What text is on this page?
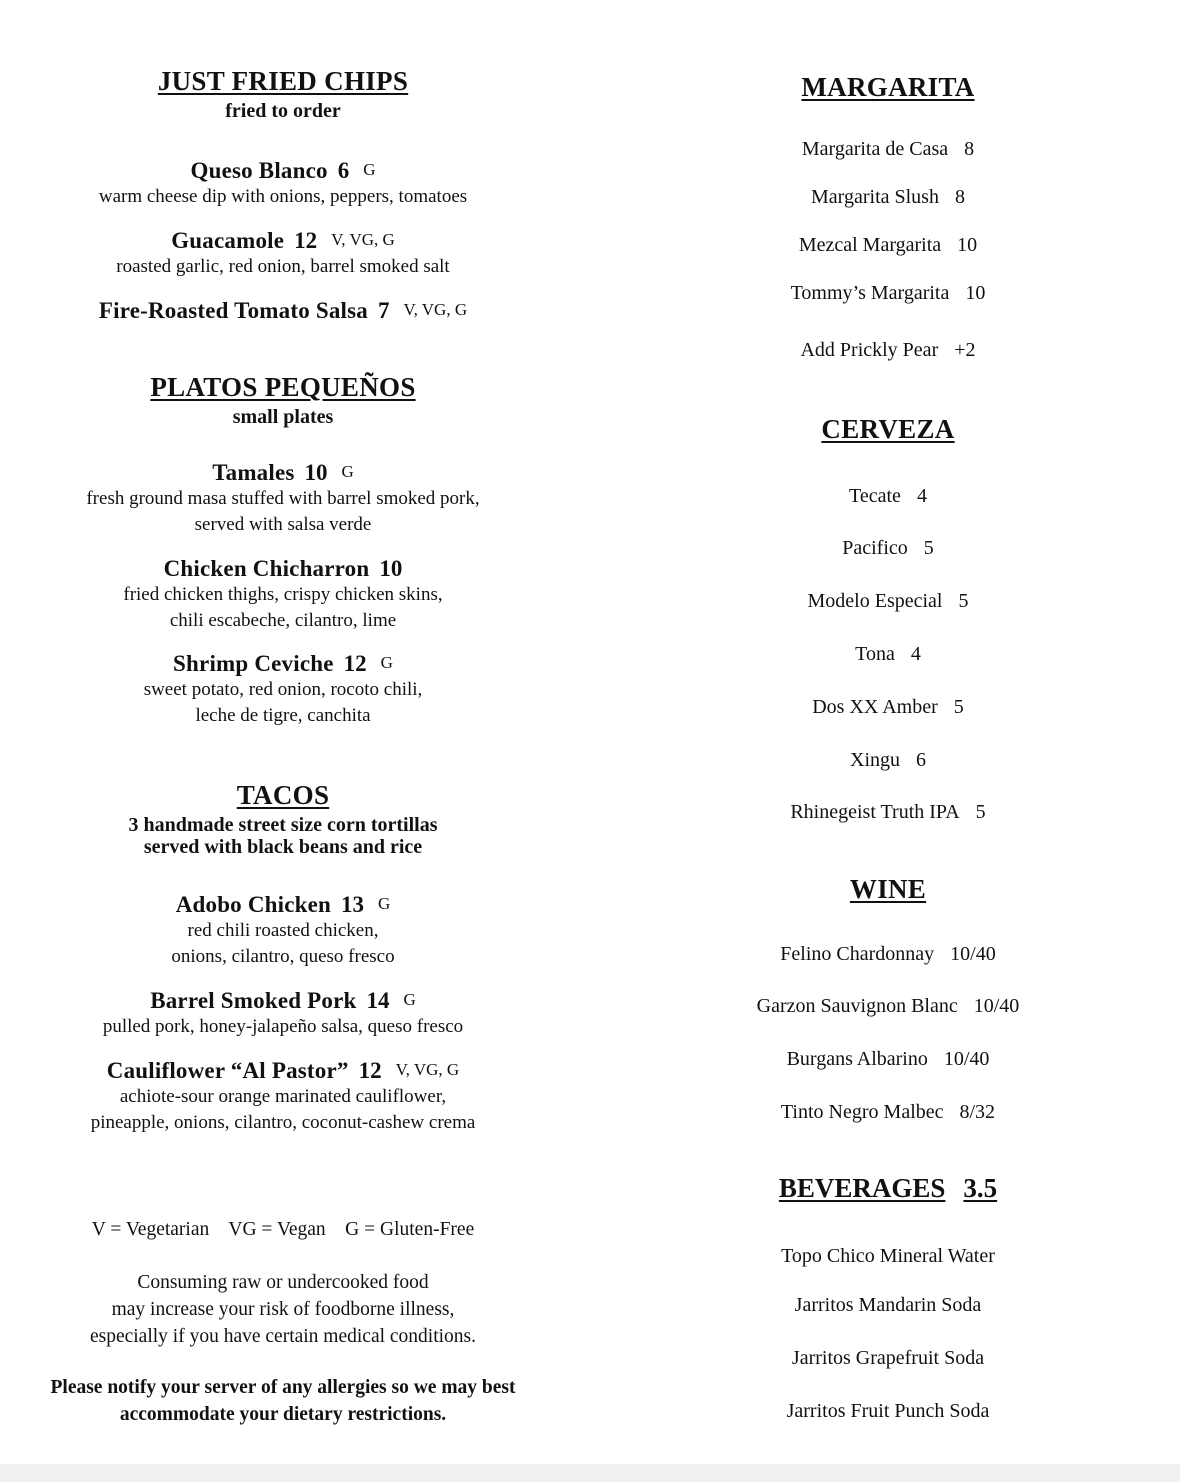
JUST FRIED CHIPS
fried to order
Queso Blanco 6 G
warm cheese dip with onions, peppers, tomatoes
Guacamole 12 V, VG, G
roasted garlic, red onion, barrel smoked salt
Fire-Roasted Tomato Salsa 7 V, VG, G
PLATOS PEQUEÑOS
small plates
Tamales 10 G
fresh ground masa stuffed with barrel smoked pork,
served with salsa verde
Chicken Chicharron 10
fried chicken thighs, crispy chicken skins,
chili escabeche, cilantro, lime
Shrimp Ceviche 12 G
sweet potato, red onion, rocoto chili,
leche de tigre, canchita
TACOS
3 handmade street size corn tortillas
served with black beans and rice
Adobo Chicken 13 G
red chili roasted chicken,
onions, cilantro, queso fresco
Barrel Smoked Pork 14 G
pulled pork, honey-jalapeño salsa, queso fresco
Cauliflower “Al Pastor” 12 V, VG, G
achiote-sour orange marinated cauliflower,
pineapple, onions, cilantro, coconut-cashew crema
V = Vegetarian    VG = Vegan    G = Gluten-Free
Consuming raw or undercooked food
may increase your risk of foodborne illness,
especially if you have certain medical conditions.
Please notify your server of any allergies so we may best
accommodate your dietary restrictions.
MARGARITA
Margarita de Casa 8
Margarita Slush 8
Mezcal Margarita 10
Tommy’s Margarita 10
Add Prickly Pear +2
CERVEZA
Tecate 4
Pacifico 5
Modelo Especial 5
Tona 4
Dos XX Amber 5
Xingu 6
Rhinegeist Truth IPA 5
WINE
Felino Chardonnay 10/40
Garzon Sauvignon Blanc 10/40
Burgans Albarino 10/40
Tinto Negro Malbec 8/32
BEVERAGES 3.5
Topo Chico Mineral Water
Jarritos Mandarin Soda
Jarritos Grapefruit Soda
Jarritos Fruit Punch Soda
